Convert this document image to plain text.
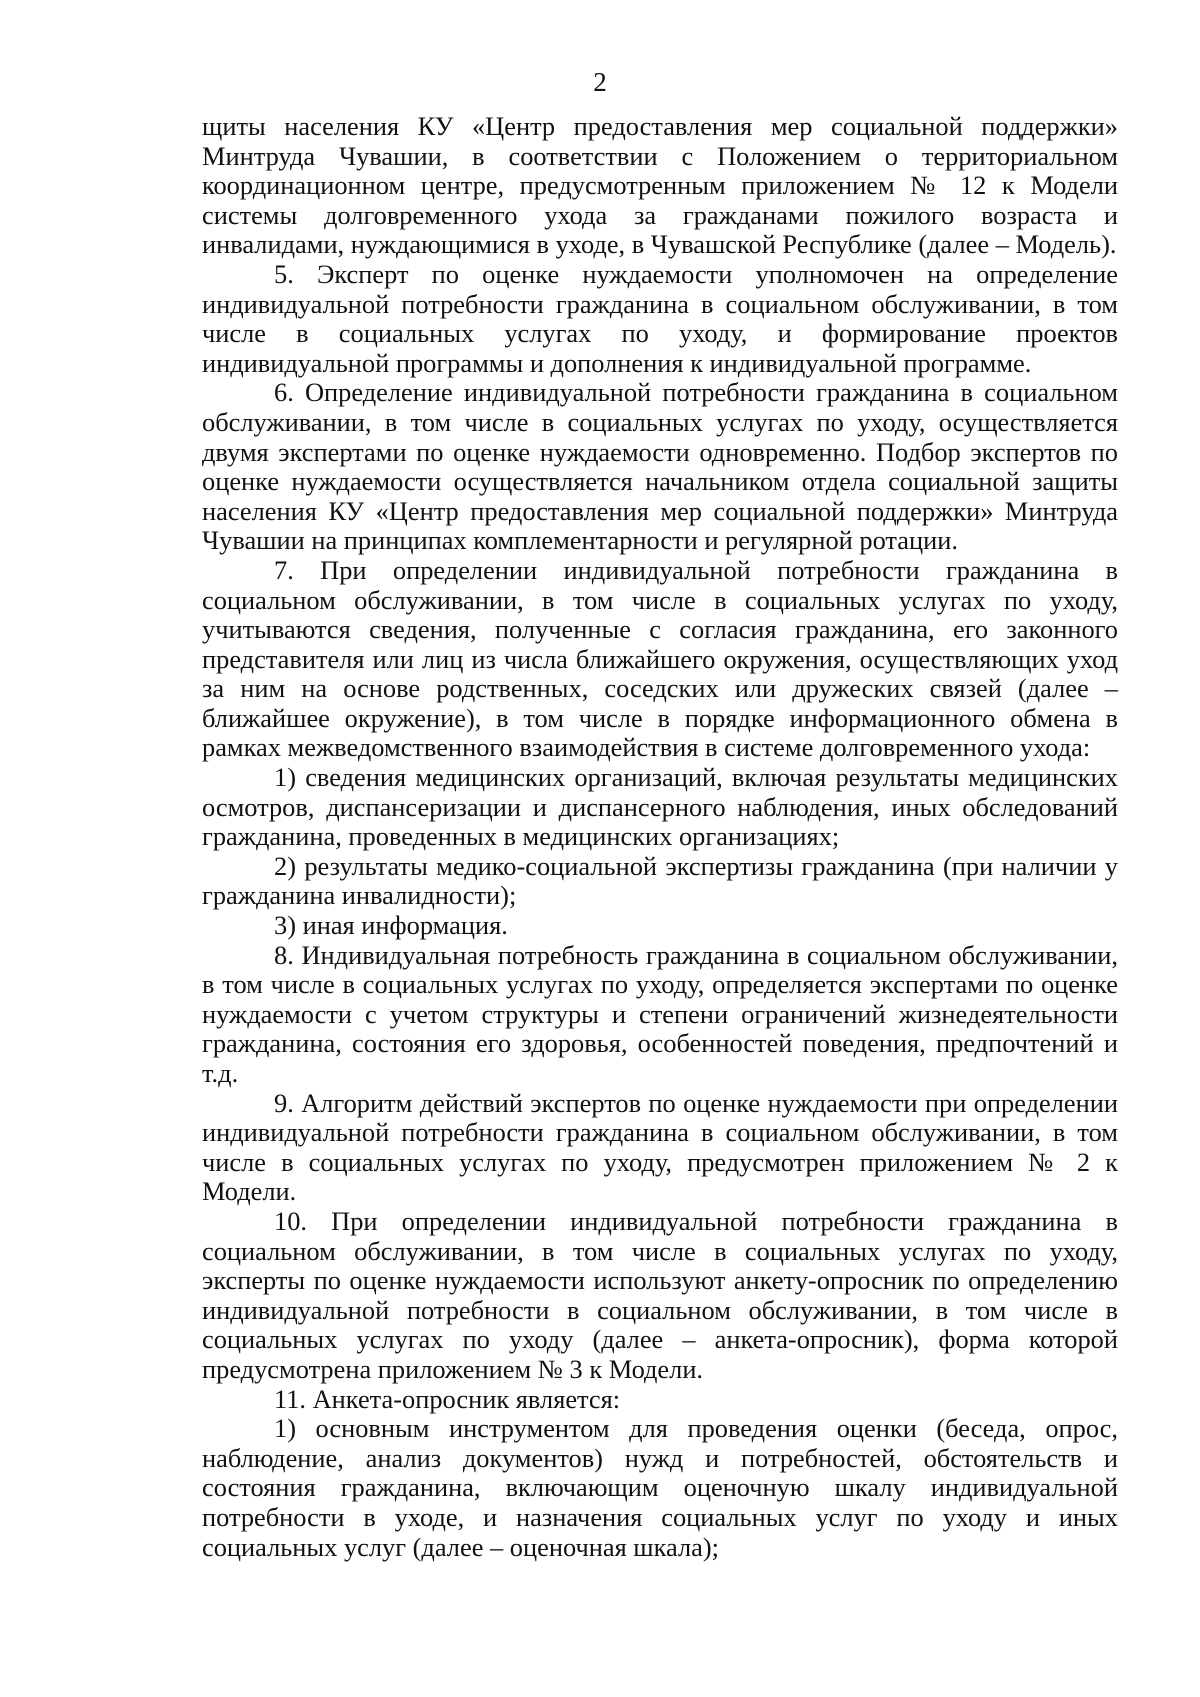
2

щиты населения КУ «Центр предоставления мер социальной поддержки» Минтруда Чувашии, в соответствии с Положением о территориальном координационном центре, предусмотренным приложением № 12 к Модели системы долговременного ухода за гражданами пожилого возраста и инвалидами, нуждающимися в уходе, в Чувашской Республике (далее – Модель).

5. Эксперт по оценке нуждаемости уполномочен на определение индивидуальной потребности гражданина в социальном обслуживании, в том числе в социальных услугах по уходу, и формирование проектов индивидуальной программы и дополнения к индивидуальной программе.

6. Определение индивидуальной потребности гражданина в социальном обслуживании, в том числе в социальных услугах по уходу, осуществляется двумя экспертами по оценке нуждаемости одновременно. Подбор экспертов по оценке нуждаемости осуществляется начальником отдела социальной защиты населения КУ «Центр предоставления мер социальной поддержки» Минтруда Чувашии на принципах комплементарности и регулярной ротации.

7. При определении индивидуальной потребности гражданина в социальном обслуживании, в том числе в социальных услугах по уходу, учитываются сведения, полученные с согласия гражданина, его законного представителя или лиц из числа ближайшего окружения, осуществляющих уход за ним на основе родственных, соседских или дружеских связей (далее – ближайшее окружение), в том числе в порядке информационного обмена в рамках межведомственного взаимодействия в системе долговременного ухода:

1) сведения медицинских организаций, включая результаты медицинских осмотров, диспансеризации и диспансерного наблюдения, иных обследований гражданина, проведенных в медицинских организациях;

2) результаты медико-социальной экспертизы гражданина (при наличии у гражданина инвалидности);

3) иная информация.

8. Индивидуальная потребность гражданина в социальном обслуживании, в том числе в социальных услугах по уходу, определяется экспертами по оценке нуждаемости с учетом структуры и степени ограничений жизнедеятельности гражданина, состояния его здоровья, особенностей поведения, предпочтений и т.д.

9. Алгоритм действий экспертов по оценке нуждаемости при определении индивидуальной потребности гражданина в социальном обслуживании, в том числе в социальных услугах по уходу, предусмотрен приложением № 2 к Модели.

10. При определении индивидуальной потребности гражданина в социальном обслуживании, в том числе в социальных услугах по уходу, эксперты по оценке нуждаемости используют анкету-опросник по определению индивидуальной потребности в социальном обслуживании, в том числе в социальных услугах по уходу (далее – анкета-опросник), форма которой предусмотрена приложением № 3 к Модели.

11. Анкета-опросник является:

1) основным инструментом для проведения оценки (беседа, опрос, наблюдение, анализ документов) нужд и потребностей, обстоятельств и состояния гражданина, включающим оценочную шкалу индивидуальной потребности в уходе, и назначения социальных услуг по уходу и иных социальных услуг (далее – оценочная шкала);
